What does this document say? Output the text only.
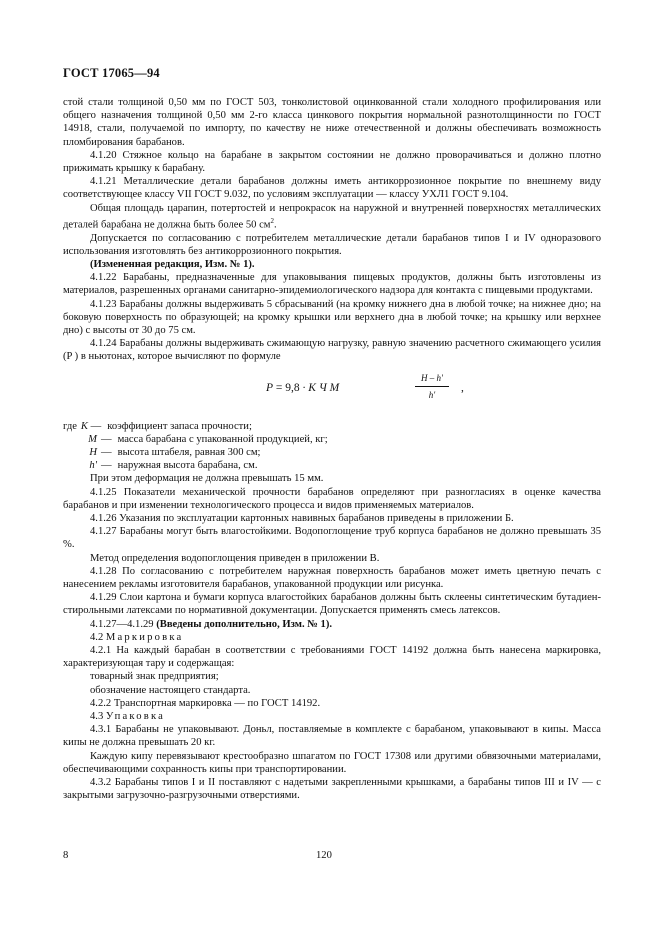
ГОСТ 17065—94

стой стали толщиной 0,50 мм по ГОСТ 503, тонколистовой оцинкованной стали холодного профилирования или общего назначения толщиной 0,50 мм 2-го класса цинкового покрытия нормальной разнотолщинности по ГОСТ 14918, стали, получаемой по импорту, по качеству не ниже отечественной и должны обеспечивать возможность пломбирования барабанов.

4.1.20 Стяжное кольцо на барабане в закрытом состоянии не должно проворачиваться и должно плотно прижимать крышку к барабану.

4.1.21 Металлические детали барабанов должны иметь антикоррозионное покрытие по внешнему виду соответствующее классу VII ГОСТ 9.032, по условиям эксплуатации — классу УХЛ1 ГОСТ 9.104.

Общая площадь царапин, потертостей и непрокрасок на наружной и внутренней поверхностях металлических деталей барабана не должна быть более 50 $см^2$.

Допускается по согласованию с потребителем металлические детали барабанов типов I и IV одноразового использования изготовлять без антикоррозионного покрытия.

(Измененная редакция, Изм. № 1).

4.1.22 Барабаны, предназначенные для упаковывания пищевых продуктов, должны быть изготовлены из материалов, разрешенных органами санитарно-эпидемиологического надзора для контакта с пищевыми продуктами.

4.1.23 Барабаны должны выдерживать 5 сбрасываний (на кромку нижнего дна в любой точке; на нижнее дно; на боковую поверхность по образующей; на кромку крышки или верхнего дна в любой точке; на крышку или верхнее дно) с высоты от 30 до 75 см.

4.1.24 Барабаны должны выдерживать сжимающую нагрузку, равную значению расчетного сжимающего усилия (P ) в ньютонах, которое вычисляют по формуле

P = 9,8 · K Ч M	$\frac{H - h'}{h'}$ ,
где K — коэффициент запаса прочности;
M — масса барабана с упакованной продукцией, кг;
H — высота штабеля, равная 300 см;
h' — наружная высота барабана, см.

При этом деформация не должна превышать 15 мм.

4.1.25 Показатели механической прочности барабанов определяют при разногласиях в оценке качества барабанов и при изменении технологического процесса и видов применяемых материалов.

4.1.26 Указания по эксплуатации картонных навивных барабанов приведены в приложении Б.

4.1.27 Барабаны могут быть влагостойкими. Водопоглощение труб корпуса барабанов не должно превышать 35 %.

Метод определения водопоглощения приведен в приложении В.

4.1.28 По согласованию с потребителем наружная поверхность барабанов может иметь цветную печать с нанесением рекламы изготовителя барабанов, упакованной продукции или рисунка.

4.1.29 Слои картона и бумаги корпуса влагостойких барабанов должны быть склеены синтетическим бутадиен-стирольными латексами по нормативной документации. Допускается применять смесь латексов.

4.1.27—4.1.29 (Введены дополнительно, Изм. № 1).

4.2 Маркировка

4.2.1 На каждый барабан в соответствии с требованиями ГОСТ 14192 должна быть нанесена маркировка, характеризующая тару и содержащая:

товарный знак предприятия;

обозначение настоящего стандарта.

4.2.2 Транспортная маркировка — по ГОСТ 14192.

4.3 Упаковка

4.3.1 Барабаны не упаковывают. Доньл, поставляемые в комплекте с барабаном, упаковывают в кипы. Масса кипы не должна превышать 20 кг.

Каждую кипу перевязывают крестообразно шпагатом по ГОСТ 17308 или другими обвязочными материалами, обеспечивающими сохранность кипы при транспортировании.

4.3.2 Барабаны типов I и II поставляют с надетыми закрепленными крышками, а барабаны типов III и IV — с закрытыми загрузочно-разгрузочными отверстиями.

8	120
